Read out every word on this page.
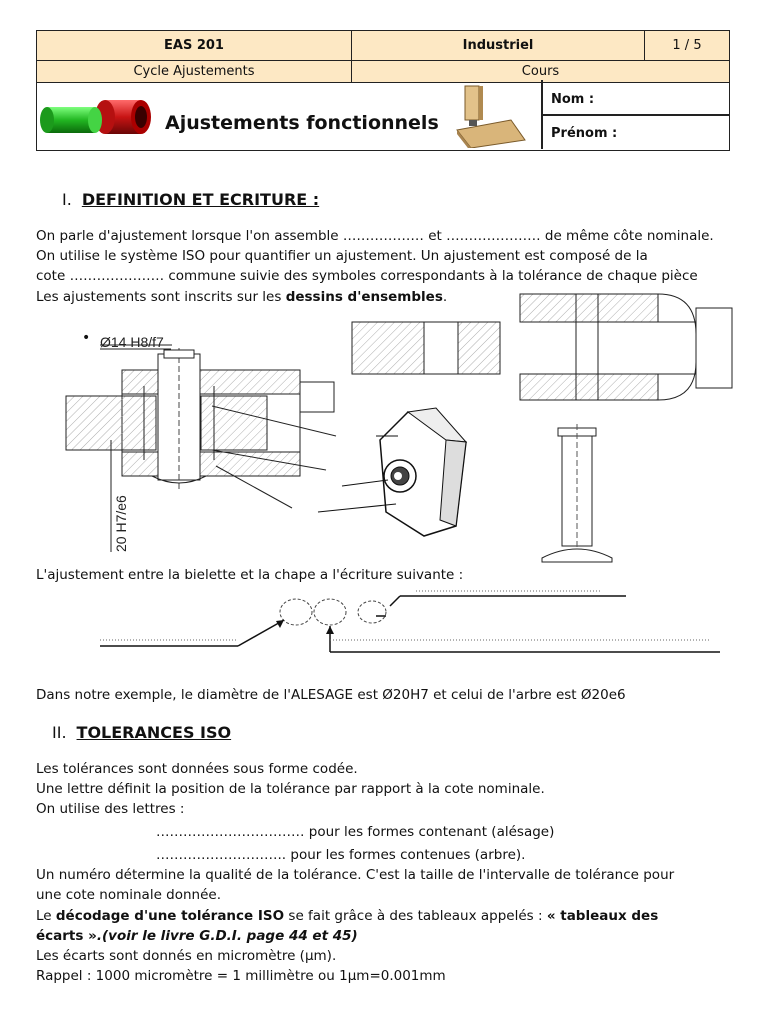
EAS 201	Industriel	1 / 5
Cycle Ajustements	Cours	
Nom :
Prénom :
Ajustements fonctionnels
I. DEFINITION ET ECRITURE :
On parle d'ajustement lorsque l'on assemble ……………… et ………………… de même côte nominale.
On utilise le système ISO pour quantifier un ajustement. Un ajustement est composé de la
cote ………………… commune suivie des symboles correspondants à la tolérance de chaque pièce
Les ajustements sont inscrits sur les dessins d'ensembles.
Ø14 H8/f7
•
20 H7/e6
L'ajustement entre la bielette et la chape a l'écriture suivante :
Dans notre exemple, le diamètre de l'ALESAGE est Ø20H7 et celui de l'arbre est Ø20e6
II. TOLERANCES ISO
Les tolérances sont données sous forme codée.
Une lettre définit la position de la tolérance par rapport à la cote nominale.
On utilise des lettres :
…………………………… pour les formes contenant (alésage)
……………………….. pour les formes contenues (arbre).
Un numéro détermine la qualité de la tolérance. C'est la taille de l'intervalle de tolérance pour
une cote nominale donnée.
Le décodage d'une tolérance ISO se fait grâce à des tableaux appelés : « tableaux des
écarts ».(voir le livre G.D.I. page 44 et 45)
Les écarts sont donnés en micromètre (µm).
Rappel : 1000 micromètre = 1 millimètre ou 1µm=0.001mm
